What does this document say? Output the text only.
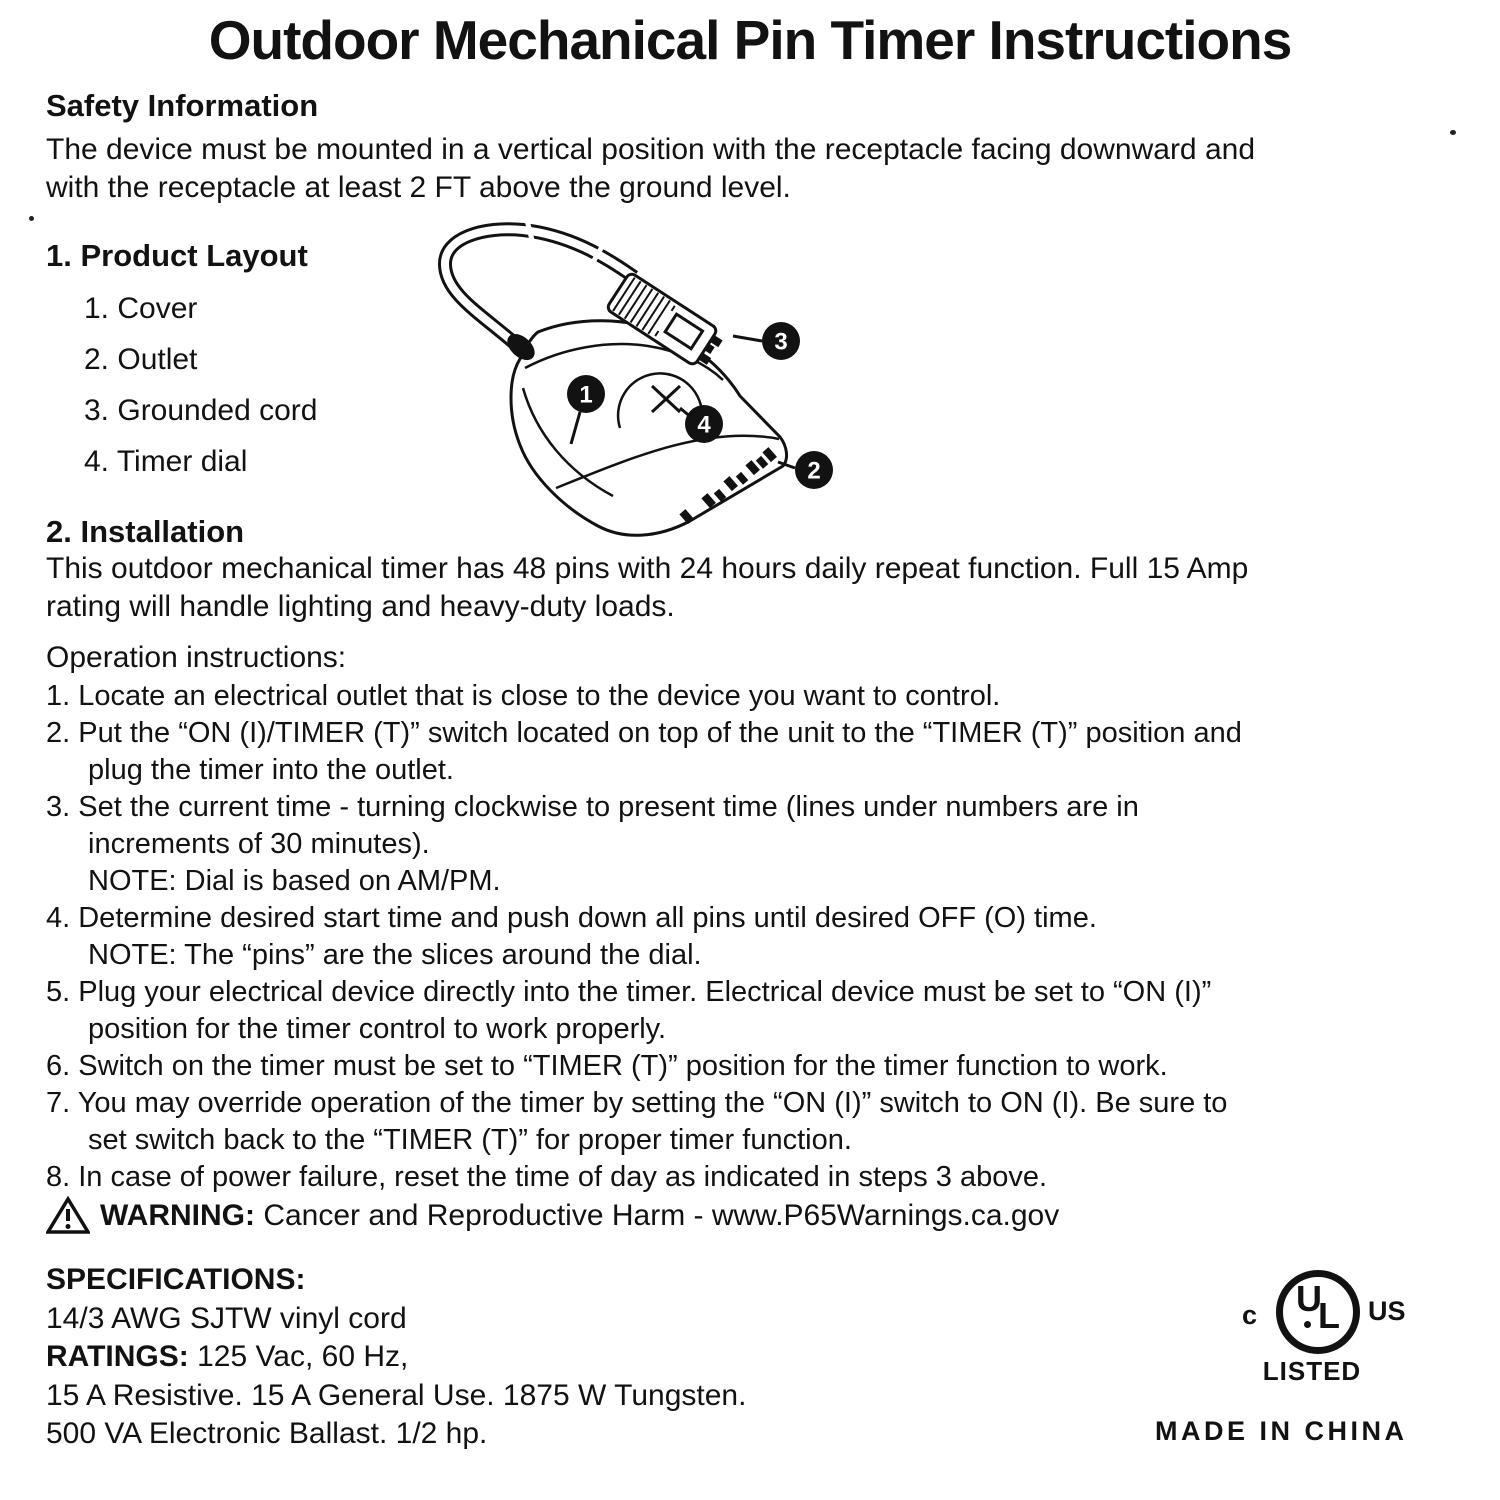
Outdoor Mechanical Pin Timer Instructions
Safety Information
The device must be mounted in a vertical position with the receptacle facing downward and
with the receptacle at least 2 FT above the ground level.
1. Product Layout
1. Cover
2. Outlet
3. Grounded cord
4. Timer dial
1
4
3
2
2. Installation
This outdoor mechanical timer has 48 pins with 24 hours daily repeat function. Full 15 Amp
rating will handle lighting and heavy-duty loads.
Operation instructions:
1. Locate an electrical outlet that is close to the device you want to control.
2. Put the “ON (I)/TIMER (T)” switch located on top of the unit to the “TIMER (T)” position and
plug the timer into the outlet.
3. Set the current time - turning clockwise to present time (lines under numbers are in
increments of 30 minutes).
NOTE: Dial is based on AM/PM.
4. Determine desired start time and push down all pins until desired OFF (O) time.
NOTE: The “pins” are the slices around the dial.
5. Plug your electrical device directly into the timer. Electrical device must be set to “ON (I)”
position for the timer control to work properly.
6. Switch on the timer must be set to “TIMER (T)” position for the timer function to work.
7. You may override operation of the timer by setting the “ON (I)” switch to ON (I). Be sure to
set switch back to the “TIMER (T)” for proper timer function.
8. In case of power failure, reset the time of day as indicated in steps 3 above.
WARNING: Cancer and Reproductive Harm - www.P65Warnings.ca.gov
SPECIFICATIONS:
14/3 AWG SJTW vinyl cord
RATINGS: 125 Vac, 60 Hz,
15 A Resistive. 15 A General Use. 1875 W Tungsten.
500 VA Electronic Ballast. 1/2 hp.
c U
L US
LISTED
MADE IN CHINA
